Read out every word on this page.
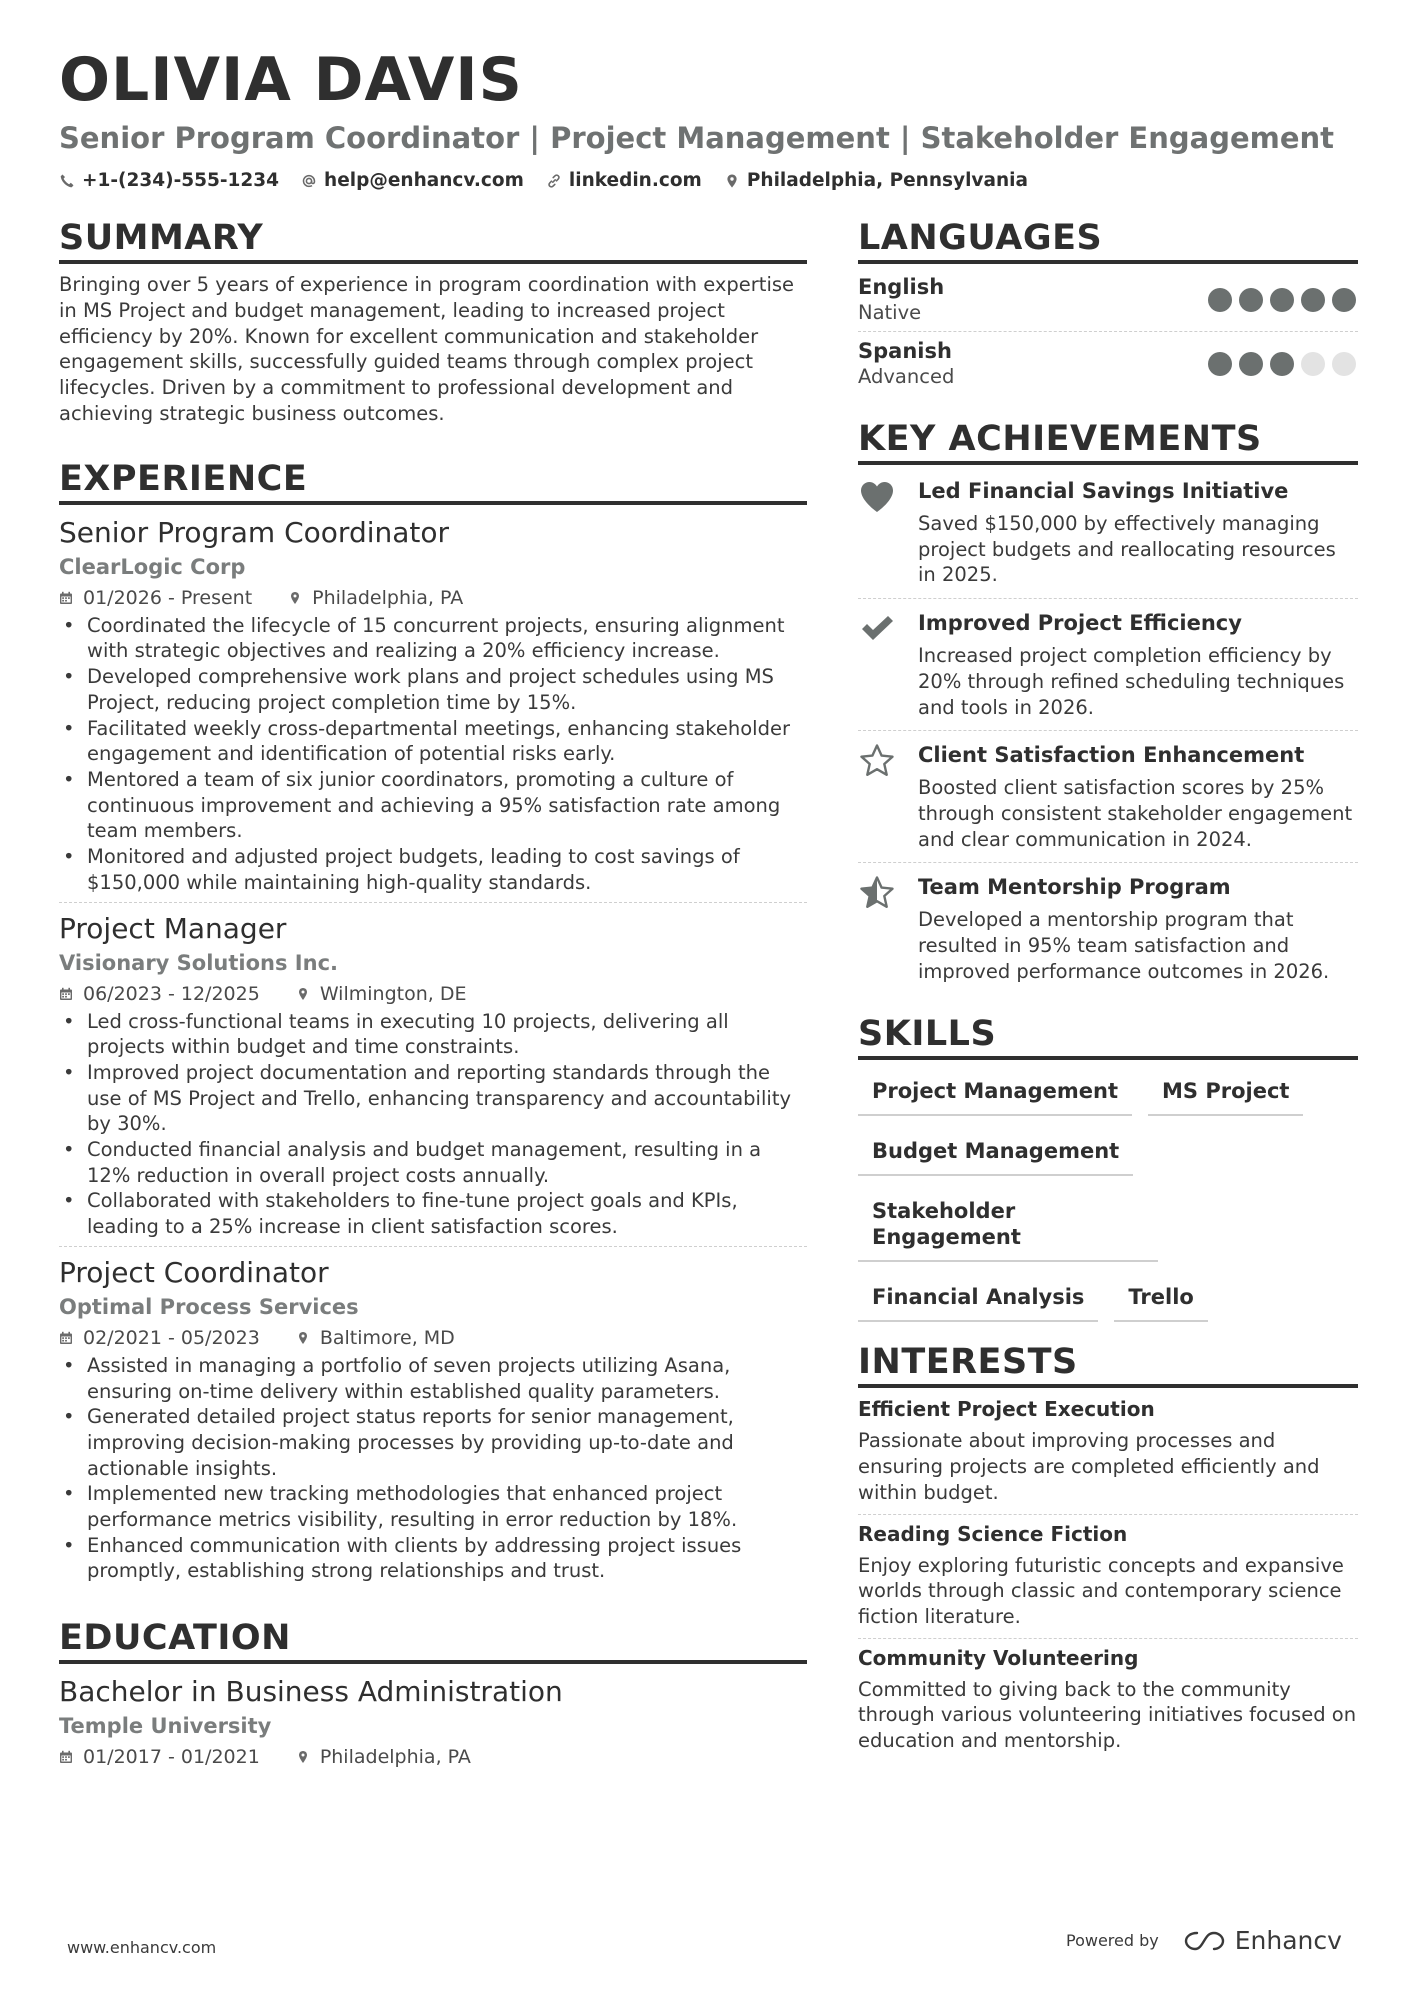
OLIVIA DAVIS
Senior Program Coordinator | Project Management | Stakeholder Engagement
+1-(234)-555-1234 help@enhancv.com linkedin.com Philadelphia, Pennsylvania
SUMMARY
Bringing over 5 years of experience in program coordination with expertise in MS Project and budget management, leading to increased project efficiency by 20%. Known for excellent communication and stakeholder engagement skills, successfully guided teams through complex project lifecycles. Driven by a commitment to professional development and achieving strategic business outcomes.
EXPERIENCE
Senior Program Coordinator
ClearLogic Corp
01/2026 - Present	Philadelphia, PA
• Coordinated the lifecycle of 15 concurrent projects, ensuring alignment with strategic objectives and realizing a 20% efficiency increase.
• Developed comprehensive work plans and project schedules using MS Project, reducing project completion time by 15%.
• Facilitated weekly cross-departmental meetings, enhancing stakeholder engagement and identification of potential risks early.
• Mentored a team of six junior coordinators, promoting a culture of continuous improvement and achieving a 95% satisfaction rate among team members.
• Monitored and adjusted project budgets, leading to cost savings of $150,000 while maintaining high-quality standards.
Project Manager
Visionary Solutions Inc.
06/2023 - 12/2025	Wilmington, DE
• Led cross-functional teams in executing 10 projects, delivering all projects within budget and time constraints.
• Improved project documentation and reporting standards through the use of MS Project and Trello, enhancing transparency and accountability by 30%.
• Conducted financial analysis and budget management, resulting in a 12% reduction in overall project costs annually.
• Collaborated with stakeholders to fine-tune project goals and KPIs, leading to a 25% increase in client satisfaction scores.
Project Coordinator
Optimal Process Services
02/2021 - 05/2023	Baltimore, MD
• Assisted in managing a portfolio of seven projects utilizing Asana, ensuring on-time delivery within established quality parameters.
• Generated detailed project status reports for senior management, improving decision-making processes by providing up-to-date and actionable insights.
• Implemented new tracking methodologies that enhanced project performance metrics visibility, resulting in error reduction by 18%.
• Enhanced communication with clients by addressing project issues promptly, establishing strong relationships and trust.
EDUCATION
Bachelor in Business Administration
Temple University
01/2017 - 01/2021	Philadelphia, PA
LANGUAGES
English
Native
Spanish
Advanced
KEY ACHIEVEMENTS
Led Financial Savings Initiative
Saved $150,000 by effectively managing project budgets and reallocating resources in 2025.
Improved Project Efficiency
Increased project completion efficiency by 20% through refined scheduling techniques and tools in 2026.
Client Satisfaction Enhancement
Boosted client satisfaction scores by 25% through consistent stakeholder engagement and clear communication in 2024.
Team Mentorship Program
Developed a mentorship program that resulted in 95% team satisfaction and improved performance outcomes in 2026.
SKILLS
Project Management	MS Project
Budget Management
Stakeholder Engagement
Financial Analysis	Trello
INTERESTS
Efficient Project Execution
Passionate about improving processes and ensuring projects are completed efficiently and within budget.
Reading Science Fiction
Enjoy exploring futuristic concepts and expansive worlds through classic and contemporary science fiction literature.
Community Volunteering
Committed to giving back to the community through various volunteering initiatives focused on education and mentorship.
www.enhancv.com	Powered by	Enhancv
